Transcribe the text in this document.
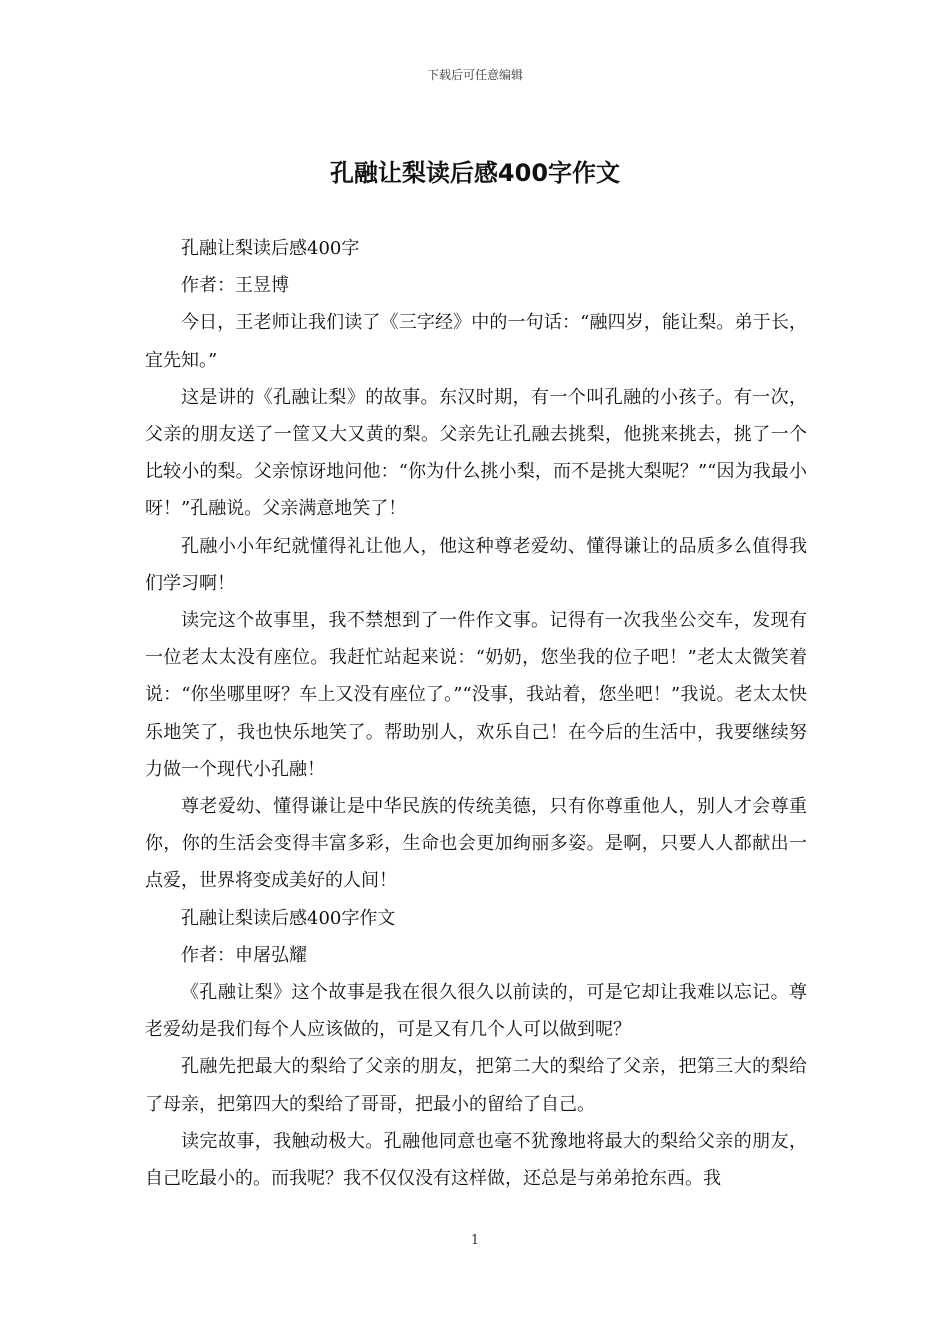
下载后可任意编辑
孔融让梨读后感400字作文

孔融让梨读后感400字

作者：王昱博

今日，王老师让我们读了《三字经》中的一句话：“融四岁，能让梨。弟于长，宜先知。”

这是讲的《孔融让梨》的故事。东汉时期，有一个叫孔融的小孩子。有一次，父亲的朋友送了一筐又大又黄的梨。父亲先让孔融去挑梨，他挑来挑去，挑了一个比较小的梨。父亲惊讶地问他：“你为什么挑小梨，而不是挑大梨呢？”“因为我最小呀！”孔融说。父亲满意地笑了！

孔融小小年纪就懂得礼让他人，他这种尊老爱幼、懂得谦让的品质多么值得我们学习啊！

读完这个故事里，我不禁想到了一件作文事。记得有一次我坐公交车，发现有一位老太太没有座位。我赶忙站起来说：“奶奶，您坐我的位子吧！”老太太微笑着说：“你坐哪里呀？车上又没有座位了。”“没事，我站着，您坐吧！”我说。老太太快乐地笑了，我也快乐地笑了。帮助别人，欢乐自己！在今后的生活中，我要继续努力做一个现代小孔融！

尊老爱幼、懂得谦让是中华民族的传统美德，只有你尊重他人，别人才会尊重你，你的生活会变得丰富多彩，生命也会更加绚丽多姿。是啊，只要人人都献出一点爱，世界将变成美好的人间！

孔融让梨读后感400字作文

作者：申屠弘耀

《孔融让梨》这个故事是我在很久很久以前读的，可是它却让我难以忘记。尊老爱幼是我们每个人应该做的，可是又有几个人可以做到呢？

孔融先把最大的梨给了父亲的朋友，把第二大的梨给了父亲，把第三大的梨给了母亲，把第四大的梨给了哥哥，把最小的留给了自己。

读完故事，我触动极大。孔融他同意也毫不犹豫地将最大的梨给父亲的朋友，自己吃最小的。而我呢？我不仅仅没有这样做，还总是与弟弟抢东西。我

1
